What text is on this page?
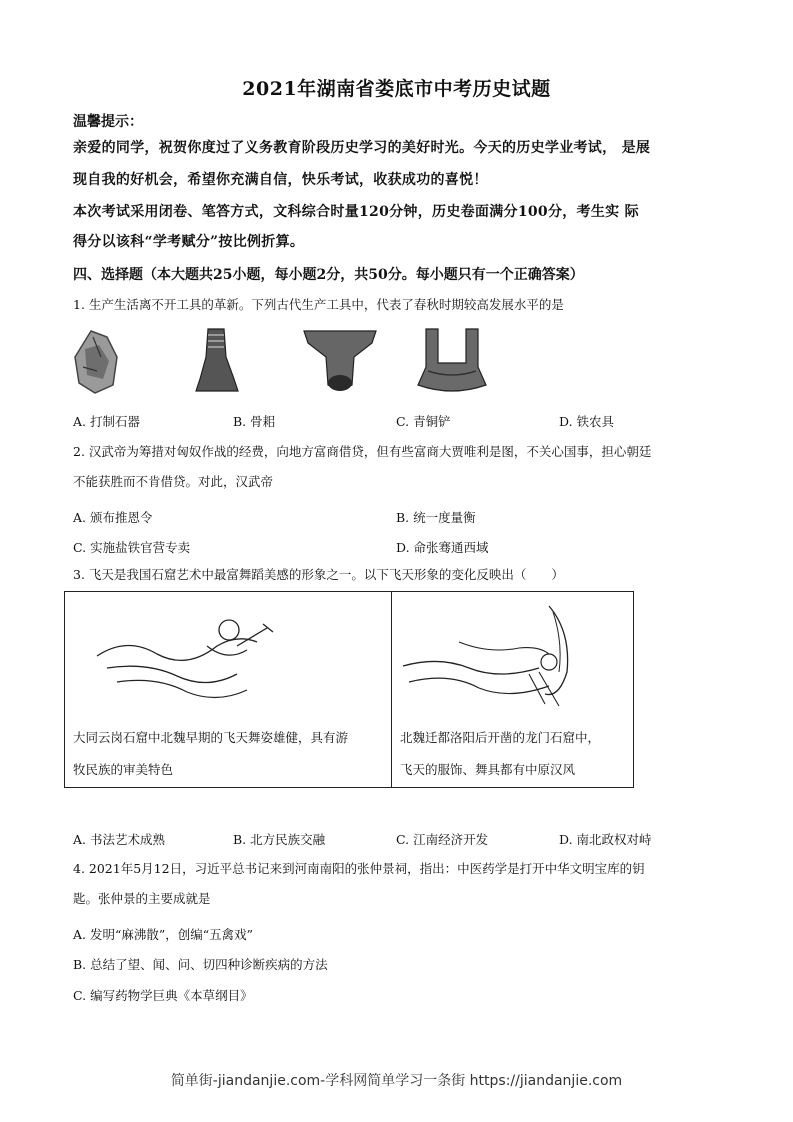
2021年湖南省娄底市中考历史试题
温馨提示：
亲爱的同学，祝贺你度过了义务教育阶段历史学习的美好时光。今天的历史学业考试， 是展
现自我的好机会，希望你充满自信，快乐考试，收获成功的喜悦！
本次考试采用闭卷、笔答方式，文科综合时量120分钟，历史卷面满分100分，考生实 际
得分以该科“学考赋分”按比例折算。
四、选择题（本大题共25小题，每小题2分，共50分。每小题只有一个正确答案）
1. 生产生活离不开工具的革新。下列古代生产工具中，代表了春秋时期较高发展水平的是
A. 打制石器	B. 骨耜	C. 青铜铲	D. 铁农具
2. 汉武帝为筹措对匈奴作战的经费，向地方富商借贷，但有些富商大贾唯利是图，不关心国事，担心朝廷
不能获胜而不肯借贷。对此，汉武帝
A. 颁布推恩令	B. 统一度量衡
C. 实施盐铁官营专卖	D. 命张骞通西域
3. 飞天是我国石窟艺术中最富舞蹈美感的形象之一。以下飞天形象的变化反映出（　　）
大同云岗石窟中北魏早期的飞天舞姿雄健，具有游
牧民族的审美特色
北魏迁都洛阳后开凿的龙门石窟中，
飞天的服饰、舞具都有中原汉风
A. 书法艺术成熟	B. 北方民族交融	C. 江南经济开发	D. 南北政权对峙
4. 2021年5月12日，习近平总书记来到河南南阳的张仲景祠，指出：中医药学是打开中华文明宝库的钥
匙。张仲景的主要成就是
A. 发明“麻沸散”，创编“五禽戏”
B. 总结了望、闻、问、切四种诊断疾病的方法
C. 编写药物学巨典《本草纲目》
简单街-jiandanjie.com-学科网简单学习一条街 https://jiandanjie.com
